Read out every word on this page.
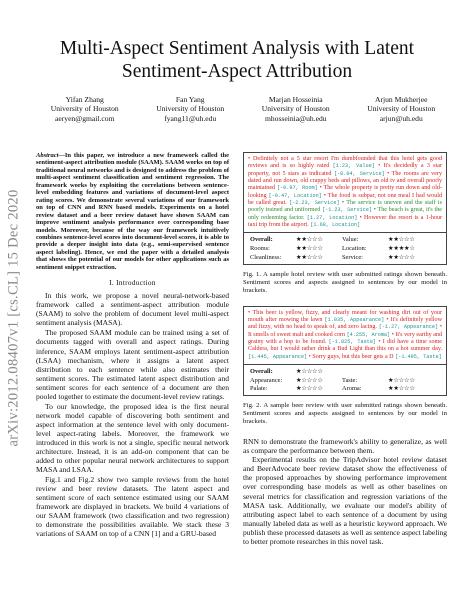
arXiv:2012.08407v1 [cs.CL] 15 Dec 2020
Multi-Aspect Sentiment Analysis with Latent Sentiment-Aspect Attribution
Yifan Zhang
University of Houston
aeryen@gmail.com
Fan Yang
University of Houston
fyang11@uh.edu
Marjan Hosseinia
University of Houston
mhosseinia@uh.edu
Arjun Mukherjee
University of Houston
arjun@uh.edu

Abstract—In this paper, we introduce a new framework called the sentiment-aspect attribution module (SAAM). SAAM works on top of traditional neural networks and is designed to address the problem of multi-aspect sentiment classification and sentiment regression. The framework works by exploiting the correlations between sentence-level embedding features and variations of document-level aspect rating scores. We demonstrate several variations of our framework on top of CNN and RNN based models. Experiments on a hotel review dataset and a beer review dataset have shown SAAM can improve sentiment analysis performance over corresponding base models. Moreover, because of the way our framework intuitively combines sentence-level scores into document-level scores, it is able to provide a deeper insight into data (e.g., semi-supervised sentence aspect labeling). Hence, we end the paper with a detailed analysis that shows the potential of our models for other applications such as sentiment snippet extraction.

I. Introduction

In this work, we propose a novel neural-network-based framework called a sentiment-aspect attribution module (SAAM) to solve the problem of document level multi-aspect sentiment analysis (MASA).

The proposed SAAM module can be trained using a set of documents tagged with overall and aspect ratings. During inference, SAAM employs latent sentiment-aspect attribution (LSAA) mechanism, where it assigns a latent aspect distribution to each sentence while also estimates their sentiment scores. The estimated latent aspect distribution and sentiment scores for each sentence of a document are then pooled together to estimate the document-level review ratings.

To our knowledge, the proposed idea is the first neural network model capable of discovering both sentiment and aspect information at the sentence level with only document-level aspect-rating labels. Moreover, the framework we introduced in this work is not a single, specific neural network architecture. Instead, it is an add-on component that can be added to other popular neural network architectures to support MASA and LSAA.

Fig.1 and Fig.2 show two sample reviews from the hotel review and beer review datasets. The latent aspect and sentiment score of each sentence estimated using our SAAM framework are displayed in brackets. We build 4 variations of our SAAM framework (two classification and two regression) to demonstrate the possibilities available. We stack these 3 variations of SAAM on top of a CNN [1] and a GRU-based

• Definitely not a 5 star resort I'm dumbfounded that this hotel gets good reviews and is so highly rated [1.23, Value] • It's decidedly a 3 star property, not 5 stars as indicated [-0.04, Service] • The rooms are very dated and run down, old crappy beds and pillows, an old tv and overall poorly maintained [-0.97, Room] • The whole property is pretty run down and old-looking [-0.47, Location] • The food is subpar, not one meal I had would be called great. [-2.23, Service] • The service is uneven and the staff is poorly trained and uniformed [-1.23, Service] • The beach is great, it's the only redeeming factor. [1.27, Location] • However the resort is a 1-hour taxi trip from the airport. [1.68, Location]
Overall:	★★☆☆☆	Value:	★★☆☆☆
Rooms:	★★☆☆☆	Location:	★★★★☆
Cleanliness:	★★☆☆☆	Service:	★★☆☆☆

Fig. 1. A sample hotel review with user submitted ratings shown beneath. Sentiment scores and aspects assigned to sentences by our model in brackets.

• This beer is yellow, fizzy, and clearly meant for washing dirt out of your mouth after mowing the lawn [1.035, Appearance] • It's definitely yellow and fizzy, with no head to speak of, and zero lacing. [-1.27, Appearance] • It smells of sweet malt and cooked corn [4.255, Aroma] • It's very earthy and grainy with a hop to be found. [-1.825, Taste] • I did have a time some Caldera, but I would rather drink a Bud Light than this on a hot summer day. [1.445, Appearance] • Sorry guys, but this beer gets a D [-1.495, Taste]
Overall:	★☆☆☆☆
Appearance:	★☆☆☆☆	Taste:	★☆☆☆☆
Palate:	★☆☆☆☆	Aroma:	★★☆☆☆

Fig. 2. A sample beer review with user submitted ratings shown beneath. Sentiment scores and aspects assigned to sentences by our model in brackets.

RNN to demonstrate the framework's ability to generalize, as well as compare the performance between them.

Experimental results on the TripAdvisor hotel review dataset and BeerAdvocate beer review dataset show the effectiveness of the proposed approaches by showing performance improvement over corresponding base models as well as other baselines on several metrics for classification and regression variations of the MASA task. Additionally, we evaluate our model's ability of attributing aspect label to each sentence of a document by using manually labeled data as well as a heuristic keyword approach. We publish these processed datasets as well as sentence aspect labeling to better promote researches in this novel task.
